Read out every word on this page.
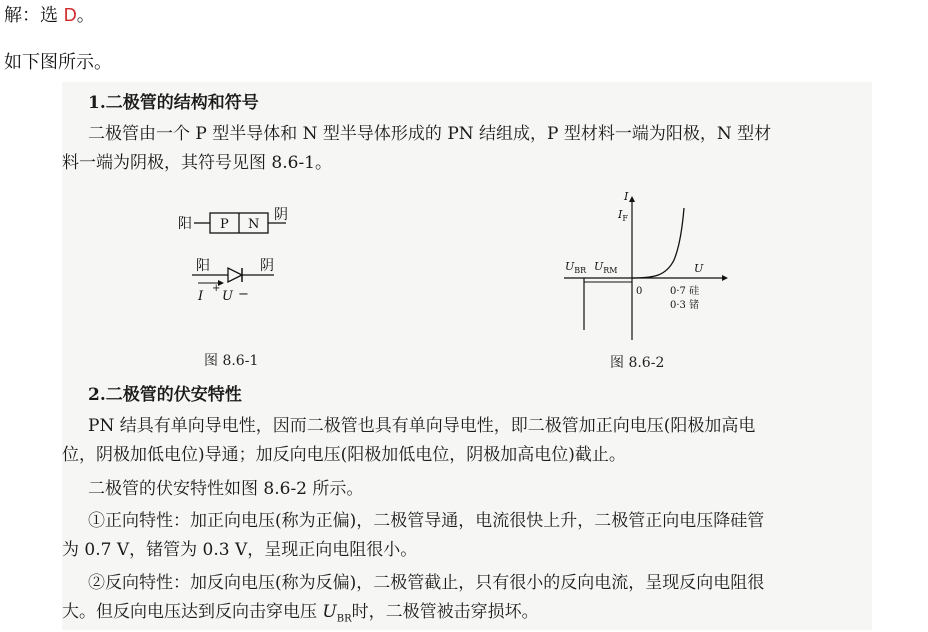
解：选 D。
如下图所示。
1.二极管的结构和符号
二极管由一个 P 型半导体和 N 型半导体形成的 PN 结组成，P 型材料一端为阳极，N 型材
料一端为阴极，其符号见图 8.6-1。
阳 P N
阴
阳	阴
I
+
U −
图 8.6-1
I
$I_F$
$U_{BR}$ $U_{RM}$	U
0	0·7 硅
0·3 锗
图 8.6-2
2.二极管的伏安特性
PN 结具有单向导电性，因而二极管也具有单向导电性，即二极管加正向电压(阳极加高电
位，阴极加低电位)导通；加反向电压(阳极加低电位，阴极加高电位)截止。
二极管的伏安特性如图 8.6-2 所示。
①正向特性：加正向电压(称为正偏)，二极管导通，电流很快上升，二极管正向电压降硅管
为 0.7 V，锗管为 0.3 V，呈现正向电阻很小。
②反向特性：加反向电压(称为反偏)，二极管截止，只有很小的反向电流，呈现反向电阻很
大。但反向电压达到反向击穿电压 $U_{BR}$时，二极管被击穿损坏。
